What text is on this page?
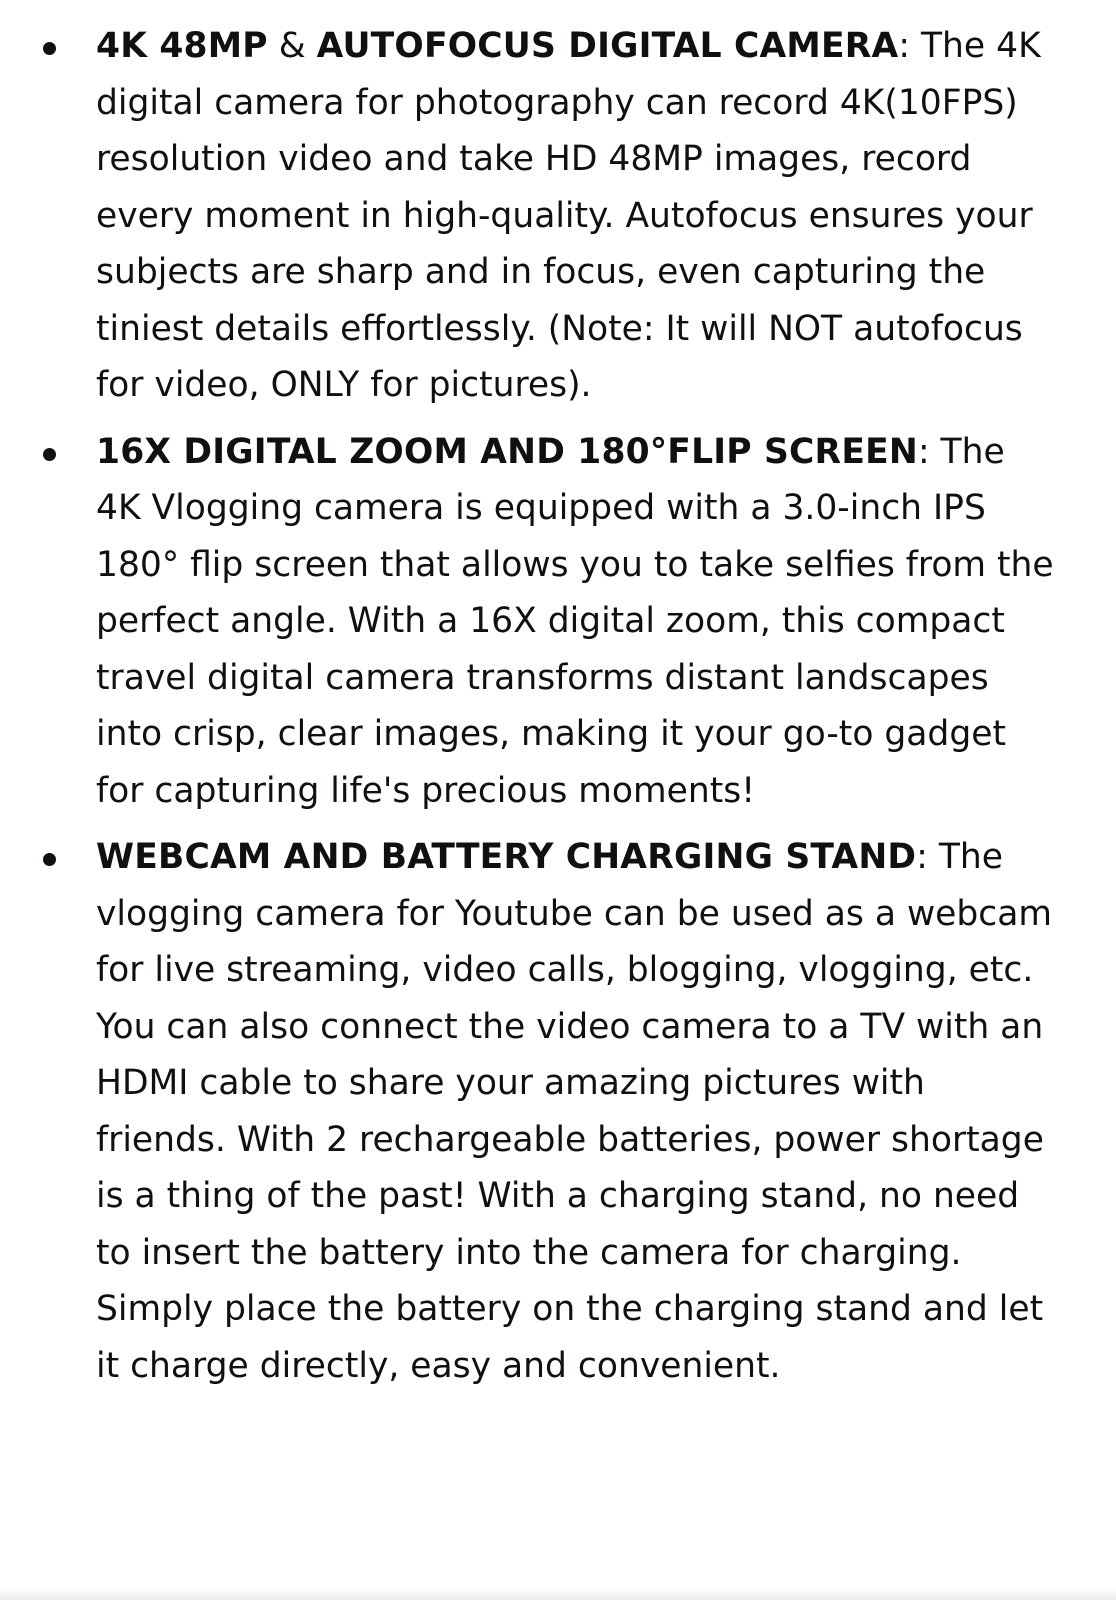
4K 48MP & AUTOFOCUS DIGITAL CAMERA: The 4K digital camera for photography can record 4K(10FPS) resolution video and take HD 48MP images, record every moment in high-quality. Autofocus ensures your subjects are sharp and in focus, even capturing the tiniest details effortlessly. (Note: It will NOT autofocus for video, ONLY for pictures).
16X DIGITAL ZOOM AND 180°FLIP SCREEN: The 4K Vlogging camera is equipped with a 3.0-inch IPS 180° flip screen that allows you to take selfies from the perfect angle. With a 16X digital zoom, this compact travel digital camera transforms distant landscapes into crisp, clear images, making it your go-to gadget for capturing life's precious moments!
WEBCAM AND BATTERY CHARGING STAND: The vlogging camera for Youtube can be used as a webcam for live streaming, video calls, blogging, vlogging, etc. You can also connect the video camera to a TV with an HDMI cable to share your amazing pictures with friends. With 2 rechargeable batteries, power shortage is a thing of the past! With a charging stand, no need to insert the battery into the camera for charging. Simply place the battery on the charging stand and let it charge directly, easy and convenient.
